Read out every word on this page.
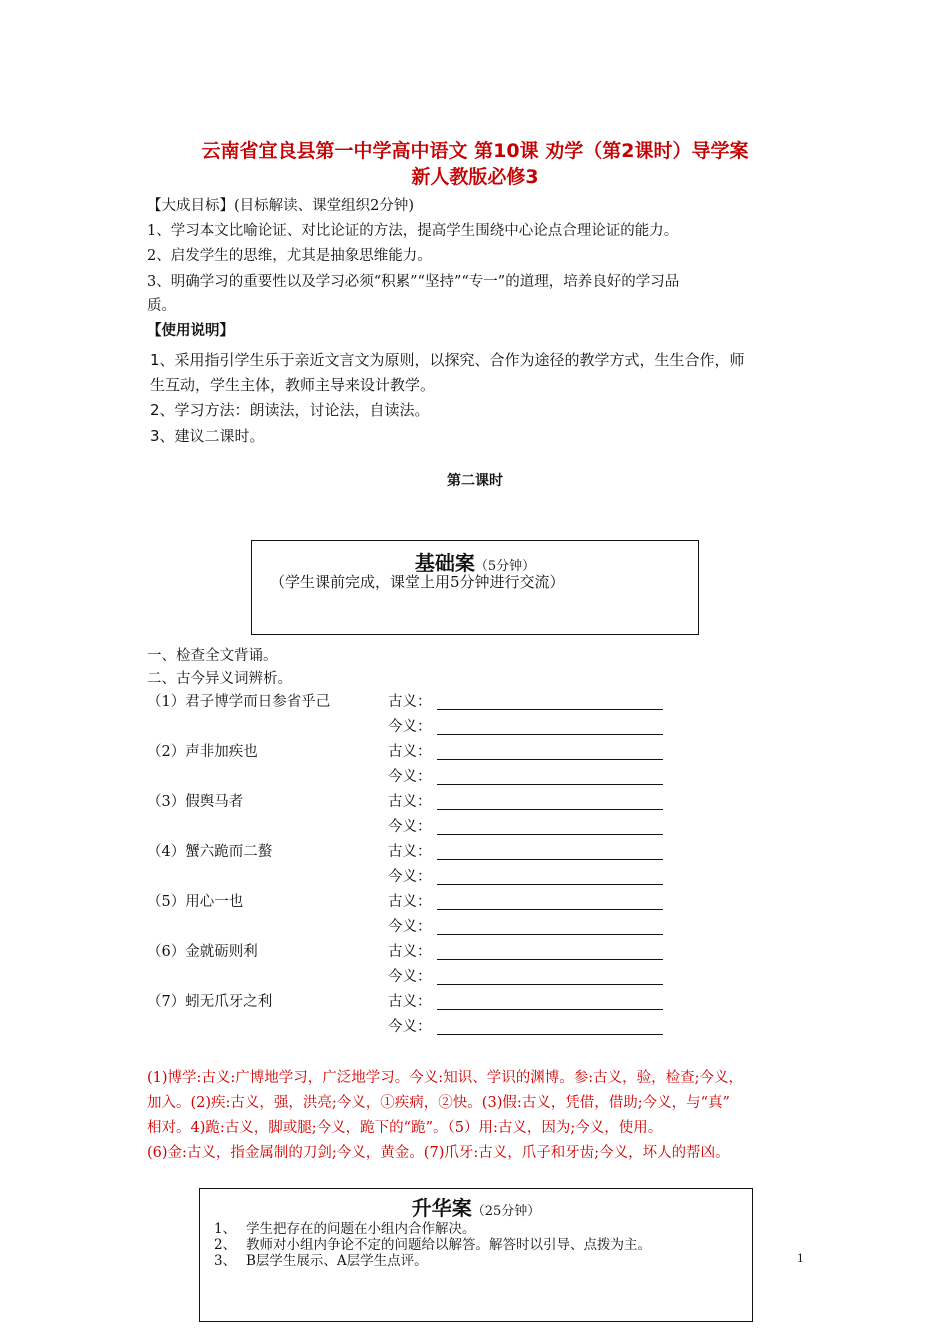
云南省宜良县第一中学高中语文 第10课 劝学（第2课时）导学案
新人教版必修3
【大成目标】(目标解读、课堂组织2分钟)
1、学习本文比喻论证、对比论证的方法，提高学生围绕中心论点合理论证的能力。
2、启发学生的思维，尤其是抽象思维能力。
3、明确学习的重要性以及学习必须“积累”“坚持”“专一”的道理，培养良好的学习品
质。
【使用说明】
1、采用指引学生乐于亲近文言文为原则，以探究、合作为途径的教学方式，生生合作，师
生互动，学生主体，教师主导来设计教学。
2、学习方法：朗读法，讨论法，自读法。
3、建议二课时。
第二课时
基础案（5分钟）
（学生课前完成，课堂上用5分钟进行交流）
一、检查全文背诵。
二、古今异义词辨析。
（1）君子博学而日参省乎己	古义：
今义：
（2）声非加疾也	古义：
今义：
（3）假舆马者	古义：
今义：
（4）蟹六跪而二螯	古义：
今义：
（5）用心一也	古义：
今义：
（6）金就砺则利	古义：
今义：
（7）蚓无爪牙之利	古义：
今义：
(1)博学:古义:广博地学习，广泛地学习。今义:知识、学识的渊博。参:古义，验，检查;今义，
加入。(2)疾:古义，强，洪亮;今义，①疾病，②快。(3)假:古义，凭借，借助;今义，与“真”
相对。4)跪:古义，脚或腿;今义，跪下的“跪”。（5）用:古义，因为;今义，使用。
(6)金:古义，指金属制的刀剑;今义，黄金。(7)爪牙:古义，爪子和牙齿;今义，坏人的帮凶。
升华案（25分钟）
1、 学生把存在的问题在小组内合作解决。
2、 教师对小组内争论不定的问题给以解答。解答时以引导、点拨为主。
3、 B层学生展示、A层学生点评。	1
